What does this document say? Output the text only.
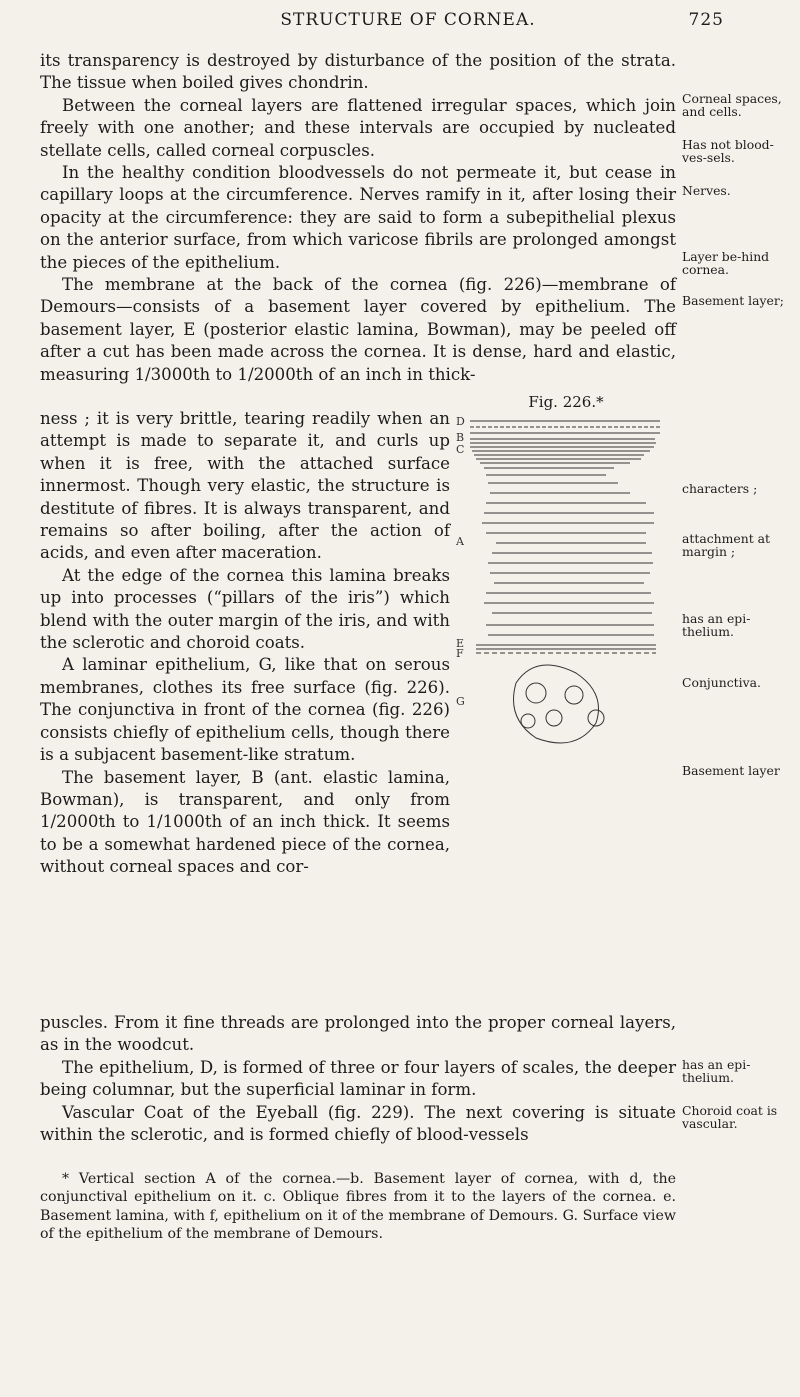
STRUCTURE OF CORNEA.	725

its transparency is destroyed by disturbance of the position of the strata. The tissue when boiled gives chondrin.

Between the corneal layers are flattened irregular spaces, which join freely with one another; and these intervals are occupied by nucleated stellate cells, called corneal corpuscles.

In the healthy condition bloodvessels do not permeate it, but cease in capillary loops at the circumference. Nerves ramify in it, after losing their opacity at the circumference: they are said to form a subepithelial plexus on the anterior surface, from which varicose fibrils are prolonged amongst the pieces of the epithelium.

The membrane at the back of the cornea (fig. 226)—membrane of Demours—consists of a basement layer covered by epithelium. The basement layer, E (posterior elastic lamina, Bowman), may be peeled off after a cut has been made across the cornea. It is dense, hard and elastic, measuring 1/3000th to 1/2000th of an inch in thick-

ness ; it is very brittle, tearing readily when an attempt is made to separate it, and curls up when it is free, with the attached surface innermost. Though very elastic, the structure is destitute of fibres. It is always transparent, and remains so after boiling, after the action of acids, and even after maceration.

At the edge of the cornea this lamina breaks up into processes (“pillars of the iris”) which blend with the outer margin of the iris, and with the sclerotic and choroid coats.

A laminar epithelium, G, like that on serous membranes, clothes its free surface (fig. 226). The conjunctiva in front of the cornea (fig. 226) consists chiefly of epithelium cells, though there is a subjacent basement-like stratum.

The basement layer, B (ant. elastic lamina, Bowman), is transparent, and only from 1/2000th to 1/1000th of an inch thick. It seems to be a somewhat hardened piece of the cornea, without corneal spaces and cor-

Fig. 226.*
D
B
C
A
E
F
G

puscles. From it fine threads are prolonged into the proper corneal layers, as in the woodcut.

The epithelium, D, is formed of three or four layers of scales, the deeper being columnar, but the superficial laminar in form.

Vascular Coat of the Eyeball (fig. 229). The next covering is situate within the sclerotic, and is formed chiefly of blood-vessels

* Vertical section A of the cornea.—b. Basement layer of cornea, with d, the conjunctival epithelium on it. c. Oblique fibres from it to the layers of the cornea. e. Basement lamina, with f, epithelium on it of the membrane of Demours. G. Surface view of the epithelium of the membrane of Demours.

Corneal spaces, and cells.
Has not blood-ves-sels.
Nerves.
Layer be-hind cornea.
Basement layer;
characters ;
attachment at margin ;
has an epi-thelium.
Conjunctiva.
Basement layer
has an epi-thelium.
Choroid coat is vascular.
